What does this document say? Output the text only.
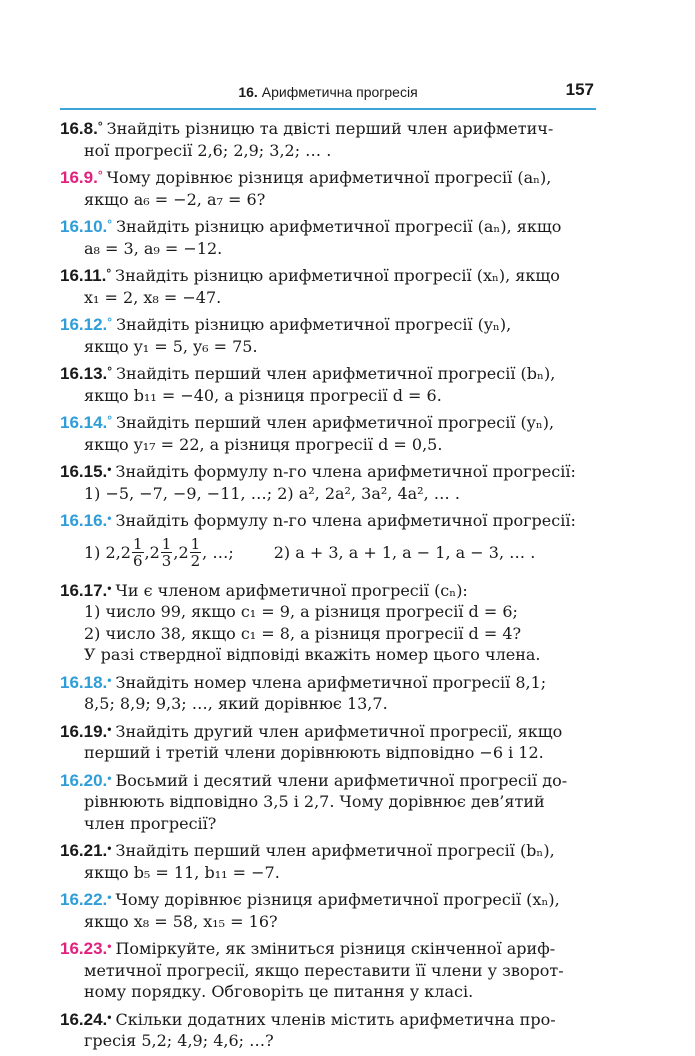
16. Арифметична прогресія	157
16.8.° Знайдіть різницю та двісті перший член арифметич-
ної прогресії 2,6; 2,9; 3,2; … .
16.9.° Чому дорівнює різниця арифметичної прогресії (aₙ),
якщо a₆ = −2, a₇ = 6?
16.10.° Знайдіть різницю арифметичної прогресії (aₙ), якщо
a₈ = 3, a₉ = −12.
16.11.° Знайдіть різницю арифметичної прогресії (xₙ), якщо
x₁ = 2, x₈ = −47.
16.12.° Знайдіть різницю арифметичної прогресії (yₙ),
якщо y₁ = 5, y₆ = 75.
16.13.° Знайдіть перший член арифметичної прогресії (bₙ),
якщо b₁₁ = −40, а різниця прогресії d = 6.
16.14.° Знайдіть перший член арифметичної прогресії (yₙ),
якщо y₁₇ = 22, а різниця прогресії d = 0,5.
16.15.• Знайдіть формулу n-го члена арифметичної прогресії:
1) −5, −7, −9, −11, …; 2) a², 2a², 3a², 4a², … .
16.16.• Знайдіть формулу n-го члена арифметичної прогресії:
1) 2, $2 \frac{1}{6}$ , $2 \frac{1}{3}$ , $2 \frac{1}{2}$ , …;	2) a + 3, a + 1, a − 1, a − 3, … .
16.17.• Чи є членом арифметичної прогресії (cₙ):
1) число 99, якщо c₁ = 9, а різниця прогресії d = 6;
2) число 38, якщо c₁ = 8, а різниця прогресії d = 4?
У разі ствердної відповіді вкажіть номер цього члена.
16.18.• Знайдіть номер члена арифметичної прогресії 8,1;
8,5; 8,9; 9,3; …, який дорівнює 13,7.
16.19.• Знайдіть другий член арифметичної прогресії, якщо
перший і третій члени дорівнюють відповідно −6 і 12.
16.20.• Восьмий і десятий члени арифметичної прогресії до-
рівнюють відповідно 3,5 і 2,7. Чому дорівнює дев’ятий
член прогресії?
16.21.• Знайдіть перший член арифметичної прогресії (bₙ),
якщо b₅ = 11, b₁₁ = −7.
16.22.• Чому дорівнює різниця арифметичної прогресії (xₙ),
якщо x₈ = 58, x₁₅ = 16?
16.23.• Поміркуйте, як зміниться різниця скінченної ариф-
метичної прогресії, якщо переставити її члени у зворот-
ному порядку. Обговоріть це питання у класі.
16.24.• Скільки додатних членів містить арифметична про-
гресія 5,2; 4,9; 4,6; …?
